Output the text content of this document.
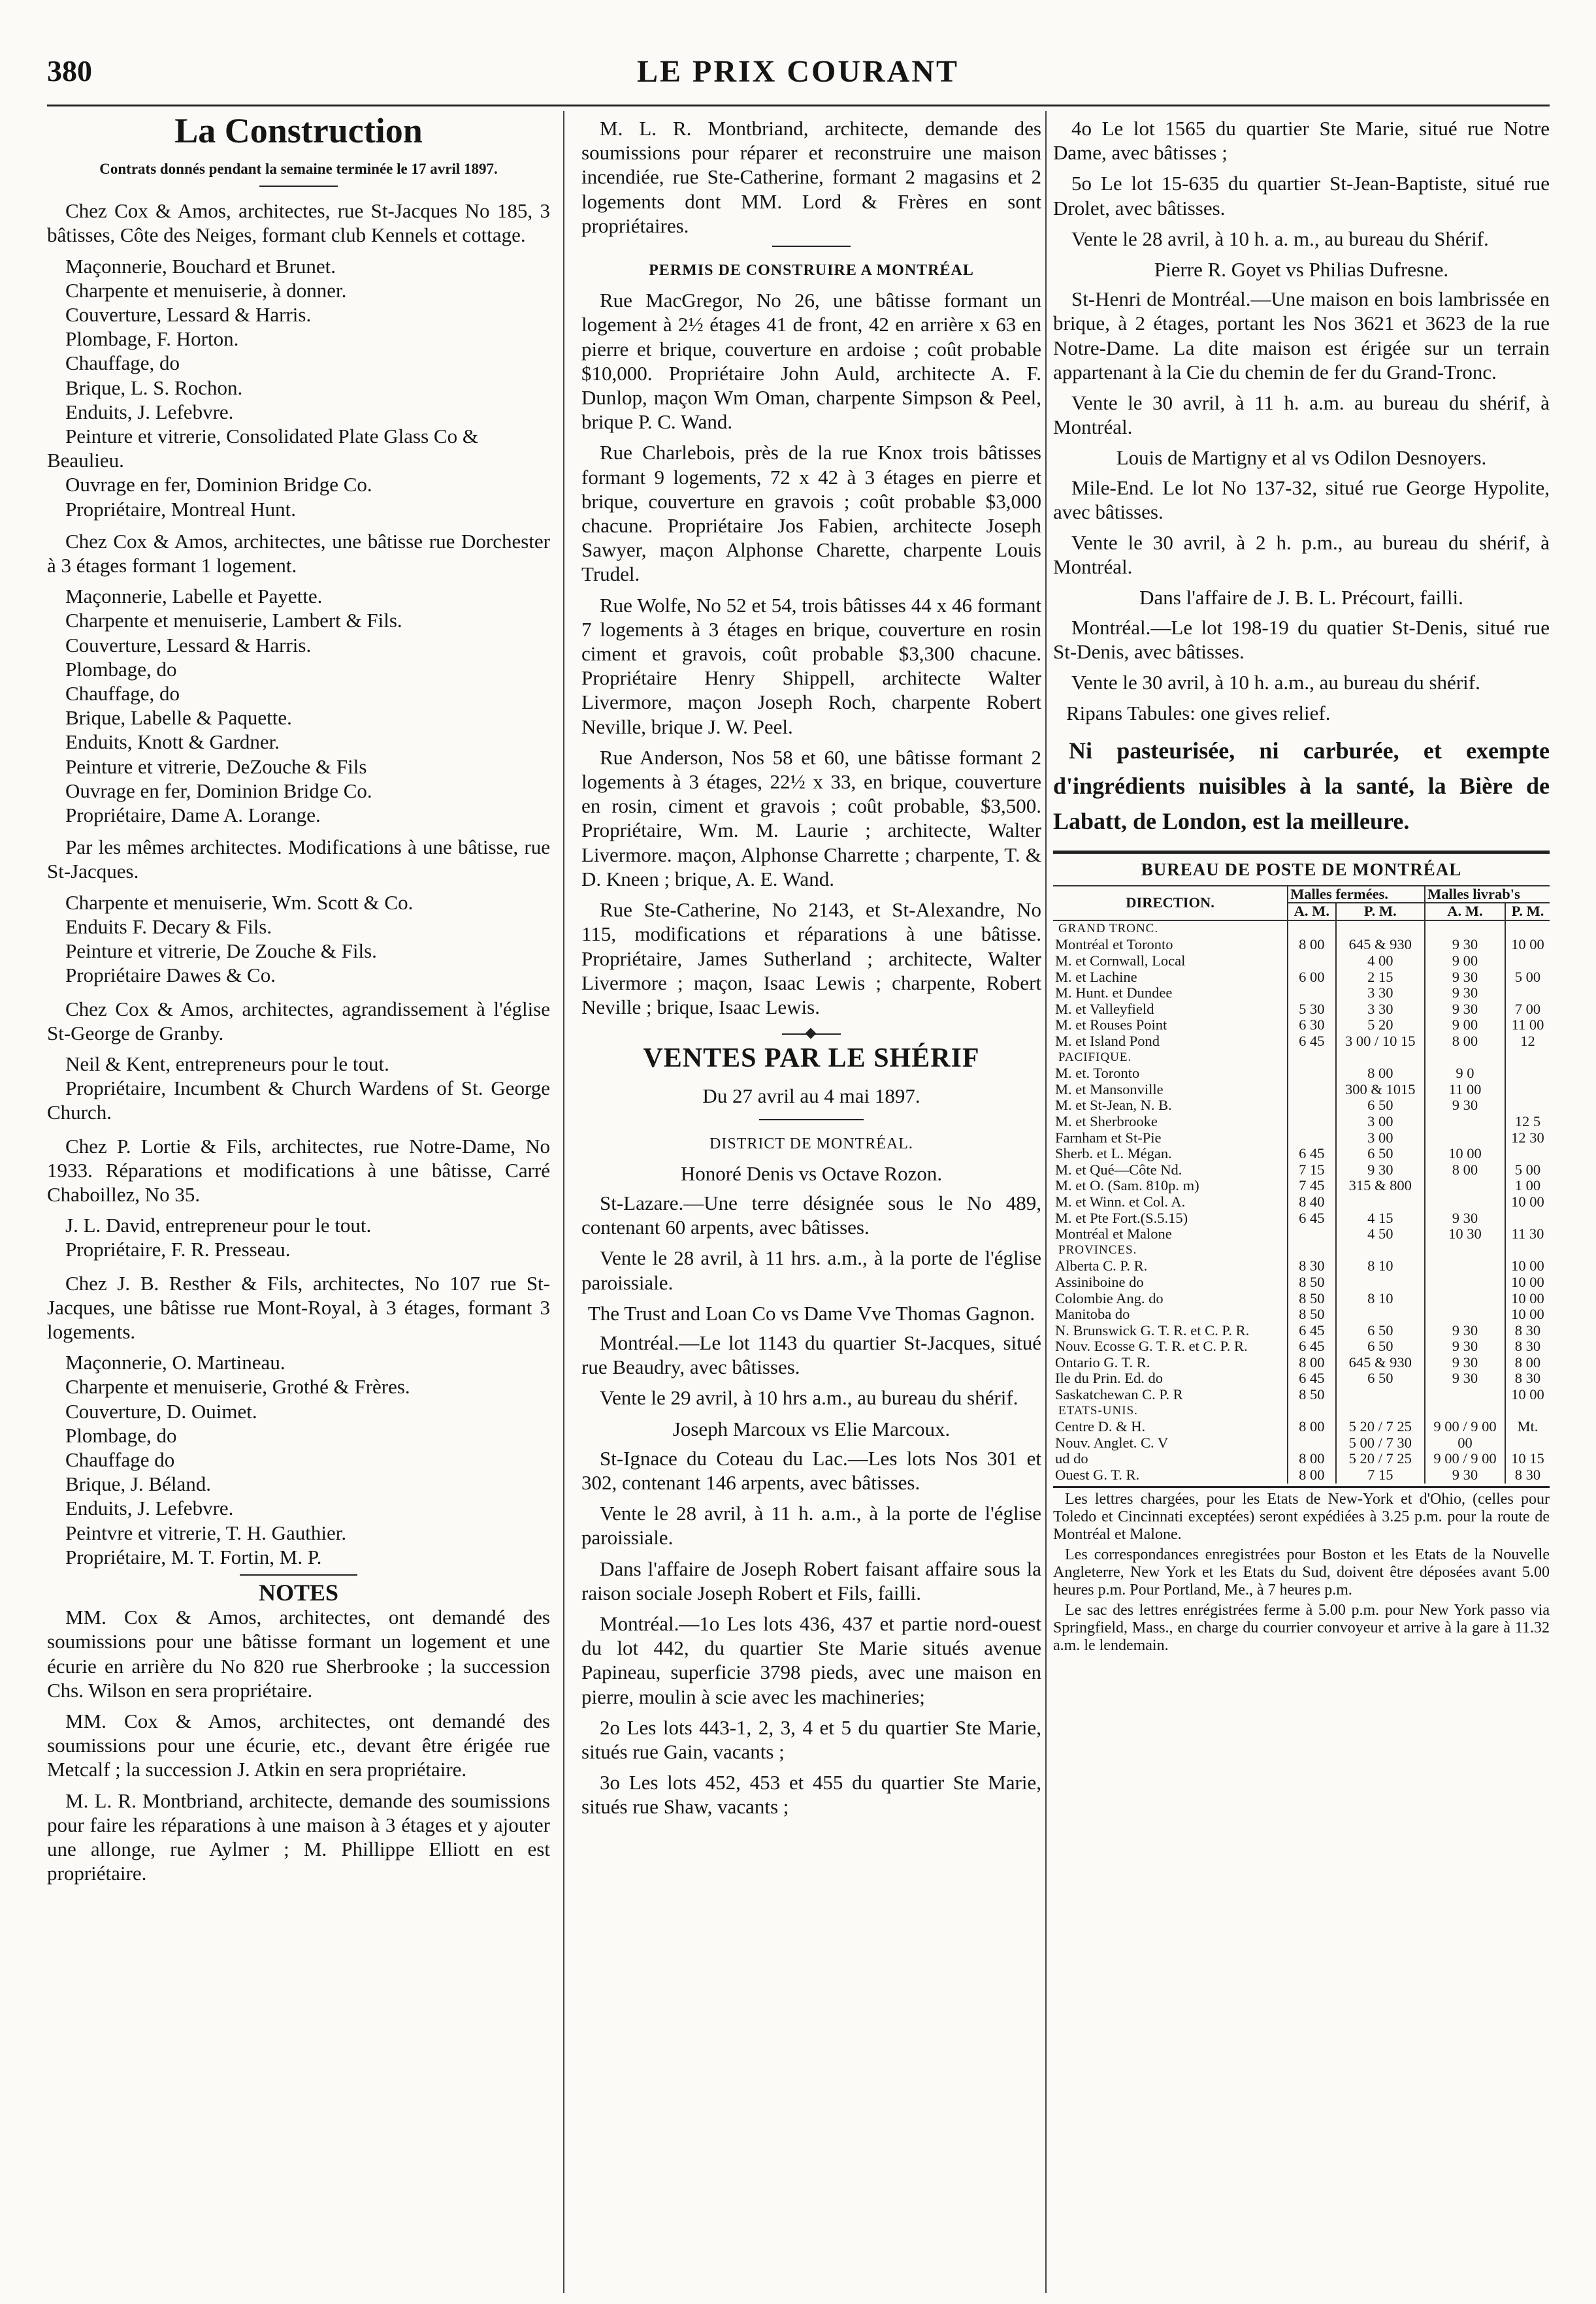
380	LE PRIX COURANT
La Construction
Contrats donnés pendant la semaine terminée le 17 avril 1897.

Chez Cox & Amos, architectes, rue St-Jacques No 185, 3 bâtisses, Côte des Neiges, formant club Kennels et cottage.

Maçonnerie, Bouchard et Brunet.
Charpente et menuiserie, à donner.
Couverture, Lessard & Harris.
Plombage, F. Horton.
Chauffage, do
Brique, L. S. Rochon.
Enduits, J. Lefebvre.
Peinture et vitrerie, Consolidated Plate Glass Co & Beaulieu.
Ouvrage en fer, Dominion Bridge Co.
Propriétaire, Montreal Hunt.

Chez Cox & Amos, architectes, une bâtisse rue Dorchester à 3 étages formant 1 logement.

Maçonnerie, Labelle et Payette.
Charpente et menuiserie, Lambert & Fils.
Couverture, Lessard & Harris.
Plombage, do
Chauffage, do
Brique, Labelle & Paquette.
Enduits, Knott & Gardner.
Peinture et vitrerie, DeZouche & Fils
Ouvrage en fer, Dominion Bridge Co.
Propriétaire, Dame A. Lorange.

Par les mêmes architectes. Modifications à une bâtisse, rue St-Jacques.

Charpente et menuiserie, Wm. Scott & Co.
Enduits F. Decary & Fils.
Peinture et vitrerie, De Zouche & Fils.
Propriétaire Dawes & Co.

Chez Cox & Amos, architectes, agrandissement à l'église St-George de Granby.

Neil & Kent, entrepreneurs pour le tout.

Propriétaire, Incumbent & Church Wardens of St. George Church.

Chez P. Lortie & Fils, architectes, rue Notre-Dame, No 1933. Réparations et modifications à une bâtisse, Carré Chaboillez, No 35.

J. L. David, entrepreneur pour le tout.
Propriétaire, F. R. Presseau.

Chez J. B. Resther & Fils, architectes, No 107 rue St-Jacques, une bâtisse rue Mont-Royal, à 3 étages, formant 3 logements.

Maçonnerie, O. Martineau.
Charpente et menuiserie, Grothé & Frères.
Couverture, D. Ouimet.
Plombage, do
Chauffage do
Brique, J. Béland.
Enduits, J. Lefebvre.
Peintvre et vitrerie, T. H. Gauthier.
Propriétaire, M. T. Fortin, M. P.
NOTES

MM. Cox & Amos, architectes, ont demandé des soumissions pour une bâtisse formant un logement et une écurie en arrière du No 820 rue Sherbrooke ; la succession Chs. Wilson en sera propriétaire.

MM. Cox & Amos, architectes, ont demandé des soumissions pour une écurie, etc., devant être érigée rue Metcalf ; la succession J. Atkin en sera propriétaire.

M. L. R. Montbriand, architecte, demande des soumissions pour faire les réparations à une maison à 3 étages et y ajouter une allonge, rue Aylmer ; M. Phillippe Elliott en est propriétaire.

M. L. R. Montbriand, architecte, demande des soumissions pour réparer et reconstruire une maison incendiée, rue Ste-Catherine, formant 2 magasins et 2 logements dont MM. Lord & Frères en sont propriétaires.

PERMIS DE CONSTRUIRE A MONTRÉAL

Rue MacGregor, No 26, une bâtisse formant un logement à 2½ étages 41 de front, 42 en arrière x 63 en pierre et brique, couverture en ardoise ; coût probable $10,000. Propriétaire John Auld, architecte A. F. Dunlop, maçon Wm Oman, charpente Simpson & Peel, brique P. C. Wand.

Rue Charlebois, près de la rue Knox trois bâtisses formant 9 logements, 72 x 42 à 3 étages en pierre et brique, couverture en gravois ; coût probable $3,000 chacune. Propriétaire Jos Fabien, architecte Joseph Sawyer, maçon Alphonse Charette, charpente Louis Trudel.

Rue Wolfe, No 52 et 54, trois bâtisses 44 x 46 formant 7 logements à 3 étages en brique, couverture en rosin ciment et gravois, coût probable $3,300 chacune. Propriétaire Henry Shippell, architecte Walter Livermore, maçon Joseph Roch, charpente Robert Neville, brique J. W. Peel.

Rue Anderson, Nos 58 et 60, une bâtisse formant 2 logements à 3 étages, 22½ x 33, en brique, couverture en rosin, ciment et gravois ; coût probable, $3,500. Propriétaire, Wm. M. Laurie ; architecte, Walter Livermore. maçon, Alphonse Charrette ; charpente, T. & D. Kneen ; brique, A. E. Wand.

Rue Ste-Catherine, No 2143, et St-Alexandre, No 115, modifications et réparations à une bâtisse. Propriétaire, James Sutherland ; architecte, Walter Livermore ; maçon, Isaac Lewis ; charpente, Robert Neville ; brique, Isaac Lewis.

VENTES PAR LE SHÉRIF
Du 27 avril au 4 mai 1897.
DISTRICT DE MONTRÉAL.
Honoré Denis vs Octave Rozon.

St-Lazare.—Une terre désignée sous le No 489, contenant 60 arpents, avec bâtisses.

Vente le 28 avril, à 11 hrs. a.m., à la porte de l'église paroissiale.

The Trust and Loan Co vs Dame Vve Thomas Gagnon.

Montréal.—Le lot 1143 du quartier St-Jacques, situé rue Beaudry, avec bâtisses.

Vente le 29 avril, à 10 hrs a.m., au bureau du shérif.

Joseph Marcoux vs Elie Marcoux.

St-Ignace du Coteau du Lac.—Les lots Nos 301 et 302, contenant 146 arpents, avec bâtisses.

Vente le 28 avril, à 11 h. a.m., à la porte de l'église paroissiale.

Dans l'affaire de Joseph Robert faisant affaire sous la raison sociale Joseph Robert et Fils, failli.

Montréal.—1o Les lots 436, 437 et partie nord-ouest du lot 442, du quartier Ste Marie situés avenue Papineau, superficie 3798 pieds, avec une maison en pierre, moulin à scie avec les machineries;

2o Les lots 443-1, 2, 3, 4 et 5 du quartier Ste Marie, situés rue Gain, vacants ;

3o Les lots 452, 453 et 455 du quartier Ste Marie, situés rue Shaw, vacants ;

4o Le lot 1565 du quartier Ste Marie, situé rue Notre Dame, avec bâtisses ;

5o Le lot 15-635 du quartier St-Jean-Baptiste, situé rue Drolet, avec bâtisses.

Vente le 28 avril, à 10 h. a. m., au bureau du Shérif.

Pierre R. Goyet vs Philias Dufresne.

St-Henri de Montréal.—Une maison en bois lambrissée en brique, à 2 étages, portant les Nos 3621 et 3623 de la rue Notre-Dame. La dite maison est érigée sur un terrain appartenant à la Cie du chemin de fer du Grand-Tronc.

Vente le 30 avril, à 11 h. a.m. au bureau du shérif, à Montréal.

Louis de Martigny et al vs Odilon Desnoyers.

Mile-End. Le lot No 137-32, situé rue George Hypolite, avec bâtisses.

Vente le 30 avril, à 2 h. p.m., au bureau du shérif, à Montréal.

Dans l'affaire de J. B. L. Précourt, failli.

Montréal.—Le lot 198-19 du quatier St-Denis, situé rue St-Denis, avec bâtisses.

Vente le 30 avril, à 10 h. a.m., au bureau du shérif.

Ripans Tabules: one gives relief.
Ni pasteurisée, ni carburée, et exempte d'ingrédients nuisibles à la santé, la Bière de Labatt, de London, est la meilleure.
BUREAU DE POSTE DE MONTRÉAL
DIRECTION.	Malles fermées.		Malles livrab's	
	A. M.	P. M.	A. M.	P. M.
GRAND TRONC.				
Montréal et Toronto	8 00	645 & 930	9 30	10 00
M. et Cornwall, Local		4 00	9 00	
M. et Lachine	6 00	2 15	9 30	5 00
M. Hunt. et Dundee		3 30	9 30	
M. et Valleyfield	5 30	3 30	9 30	7 00
M. et Rouses Point	6 30	5 20	9 00	11 00
M. et Island Pond	6 45	3 00 / 10 15	8 00	12
PACIFIQUE.				
M. et. Toronto		8 00	9 0	
M. et Mansonville		300 & 1015	11 00	
M. et St-Jean, N. B.		6 50	9 30	
M. et Sherbrooke		3 00		12 5
Farnham et St-Pie		3 00		12 30
Sherb. et L. Mégan.	6 45	6 50	10 00	
M. et Qué—Côte Nd.	7 15	9 30	8 00	5 00
M. et O. (Sam. 810p. m)	7 45	315 & 800		1 00
M. et Winn. et Col. A.	8 40			10 00
M. et Pte Fort.(S.5.15)	6 45	4 15	9 30	
Montréal et Malone		4 50	10 30	11 30
PROVINCES.				
Alberta C. P. R.	8 30	8 10		10 00
Assiniboine do	8 50			10 00
Colombie Ang. do	8 50	8 10		10 00
Manitoba do	8 50			10 00
N. Brunswick G. T. R. et C. P. R.	6 45	6 50	9 30	8 30
Nouv. Ecosse G. T. R. et C. P. R.	6 45	6 50	9 30	8 30
Ontario G. T. R.	8 00	645 & 930	9 30	8 00
Ile du Prin. Ed. do	6 45	6 50	9 30	8 30
Saskatchewan C. P. R	8 50			10 00
ETATS-UNIS.				
Centre D. & H.	8 00	5 20 / 7 25	9 00 / 9 00	Mt.
Nouv. Anglet. C. V		5 00 / 7 30	00	
ud do	8 00	5 20 / 7 25	9 00 / 9 00	10 15
Ouest G. T. R.	8 00	7 15	9 30	8 30
Les lettres chargées, pour les Etats de New-York et d'Ohio, (celles pour Toledo et Cincinnati exceptées) seront expédiées à 3.25 p.m. pour la route de Montréal et Malone.
Les correspondances enregistrées pour Boston et les Etats de la Nouvelle Angleterre, New York et les Etats du Sud, doivent être déposées avant 5.00 heures p.m. Pour Portland, Me., à 7 heures p.m.
Le sac des lettres enrégistrées ferme à 5.00 p.m. pour New York passo via Springfield, Mass., en charge du courrier convoyeur et arrive à la gare à 11.32 a.m. le lendemain.
